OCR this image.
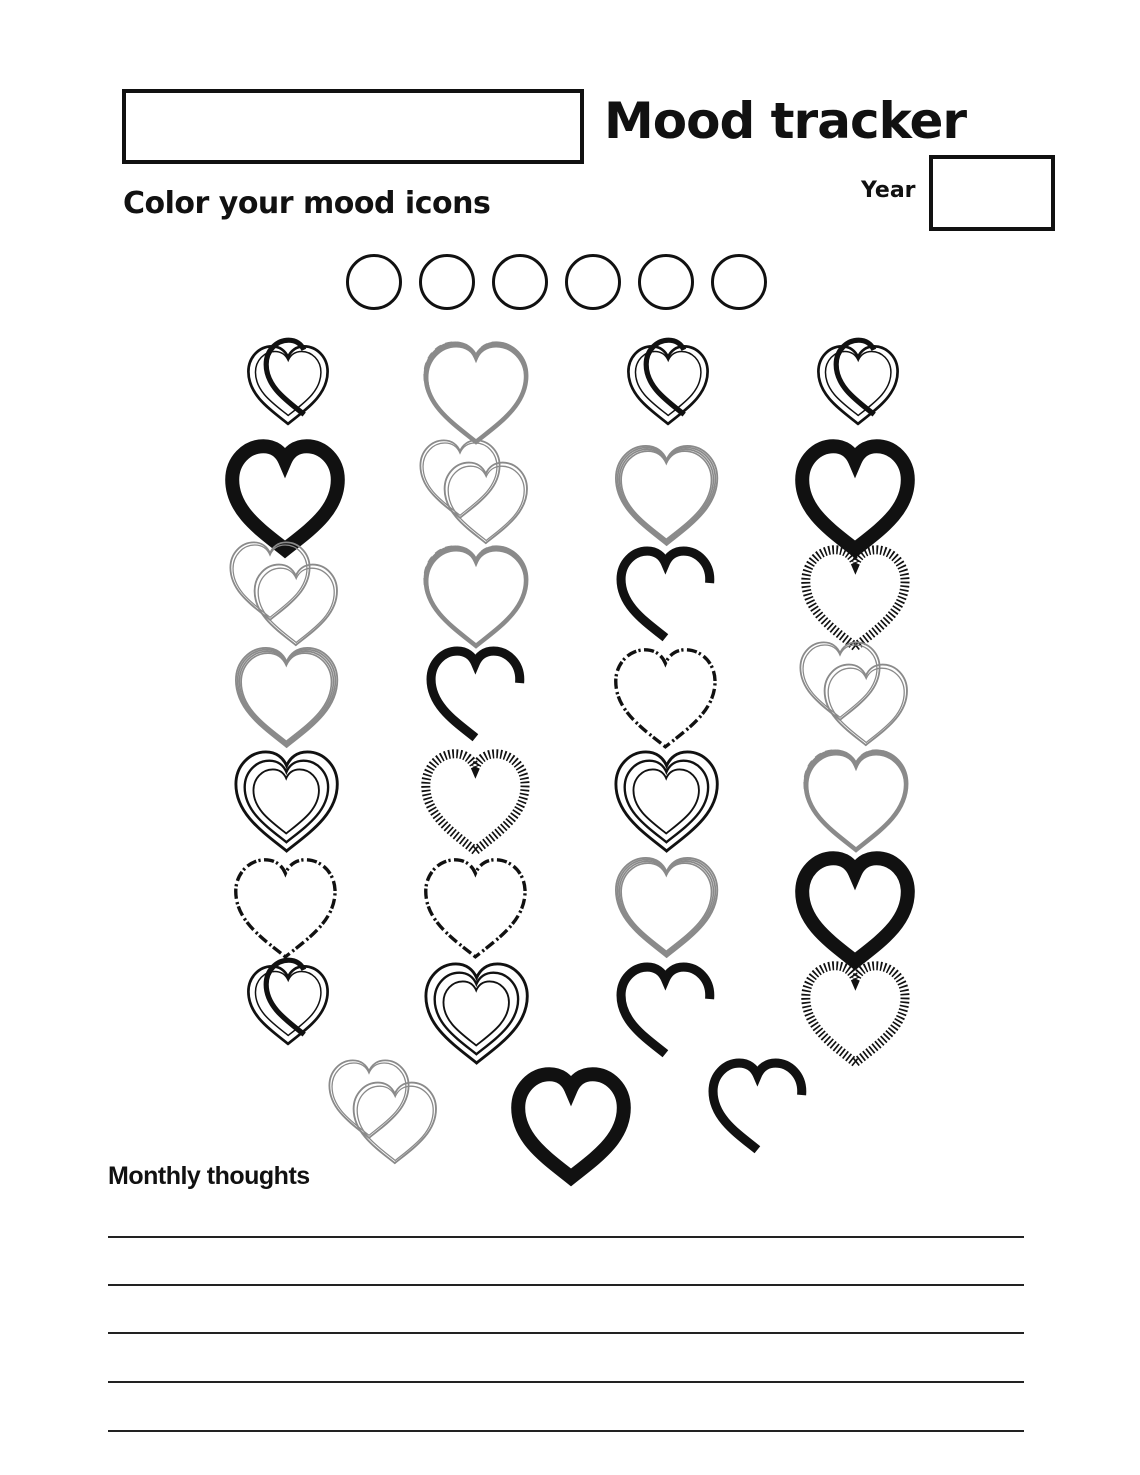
Mood tracker
Color your mood icons	Year
Monthly thoughts
